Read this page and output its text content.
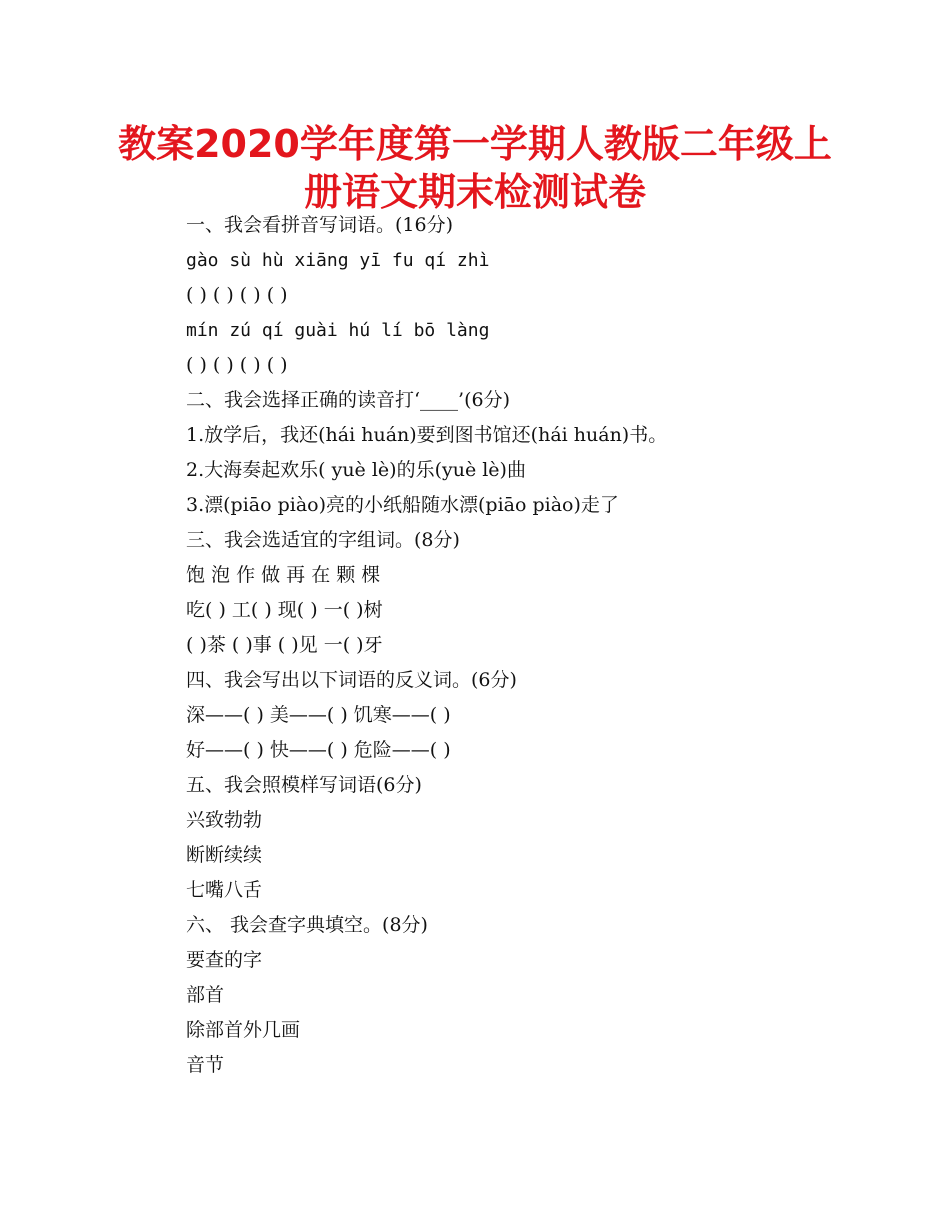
教案2020学年度第一学期人教版二年级上
册语文期末检测试卷
一、我会看拼音写词语。(16分)
gào sù hù xiāng yī fu qí zhì
( ) ( ) ( ) ( )
mín zú qí guài hú lí bō làng
( ) ( ) ( ) ( )
二、我会选择正确的读音打‘____’(6分)
1.放学后，我还(hái huán)要到图书馆还(hái huán)书。
2.大海奏起欢乐( yuè lè)的乐(yuè lè)曲
3.漂(piāo piào)亮的小纸船随水漂(piāo piào)走了
三、我会选适宜的字组词。(8分)
饱 泡 作 做 再 在 颗 棵
吃( ) 工( ) 现( ) 一( )树
( )茶 ( )事 ( )见 一( )牙
四、我会写出以下词语的反义词。(6分)
深——( ) 美——( ) 饥寒——( )
好——( ) 快——( ) 危险——( )
五、我会照模样写词语(6分)
兴致勃勃
断断续续
七嘴八舌
六、 我会查字典填空。(8分)
要查的字
部首
除部首外几画
音节
